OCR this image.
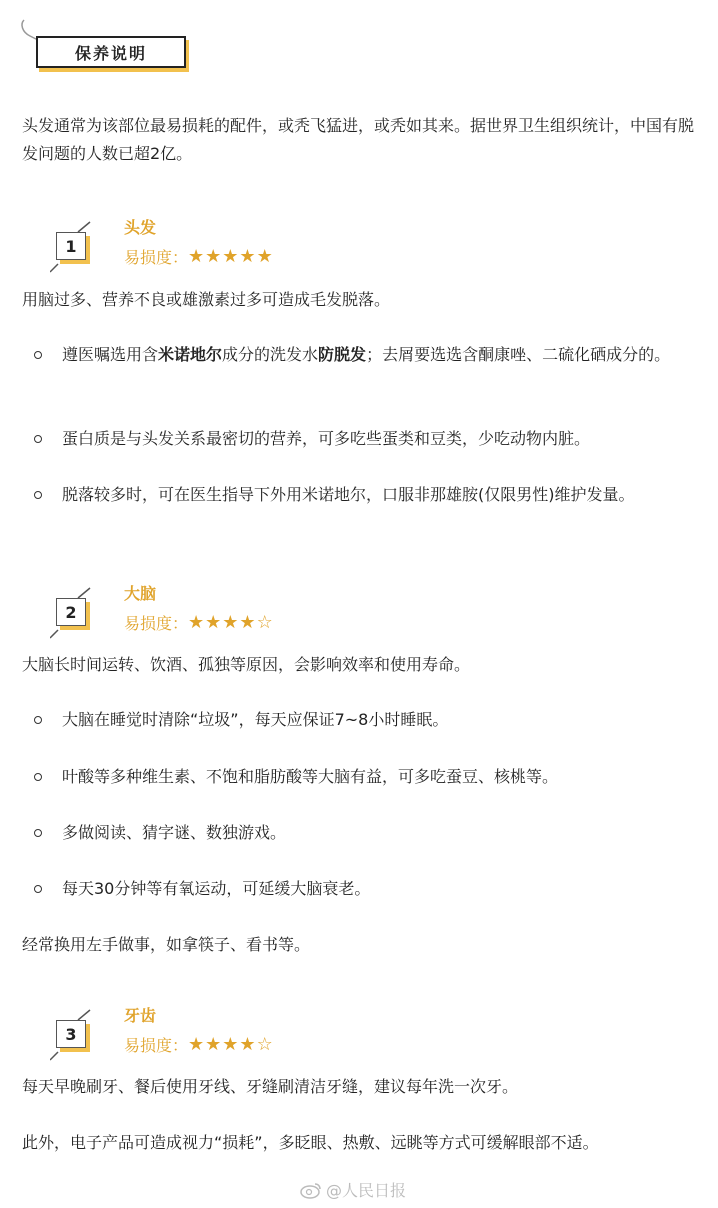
保养说明
头发通常为该部位最易损耗的配件，或秃飞猛进，或秃如其来。据世界卫生组织统计，中国有脱发问题的人数已超2亿。
1
头发
易损度： ★★★★★
用脑过多、营养不良或雄激素过多可造成毛发脱落。
遵医嘱选用含米诺地尔成分的洗发水防脱发；去屑要选选含酮康唑、二硫化硒成分的。
蛋白质是与头发关系最密切的营养，可多吃些蛋类和豆类，少吃动物内脏。
脱落较多时，可在医生指导下外用米诺地尔，口服非那雄胺(仅限男性)维护发量。
2
大脑
易损度： ★★★★☆
大脑长时间运转、饮酒、孤独等原因，会影响效率和使用寿命。
大脑在睡觉时清除“垃圾”，每天应保证7~8小时睡眠。
叶酸等多种维生素、不饱和脂肪酸等大脑有益，可多吃蚕豆、核桃等。
多做阅读、猜字谜、数独游戏。
每天30分钟等有氧运动，可延缓大脑衰老。
经常换用左手做事，如拿筷子、看书等。
3
牙齿
易损度： ★★★★☆
每天早晚刷牙、餐后使用牙线、牙缝刷清洁牙缝，建议每年洗一次牙。
此外，电子产品可造成视力“损耗”，多眨眼、热敷、远眺等方式可缓解眼部不适。
@人民日报
